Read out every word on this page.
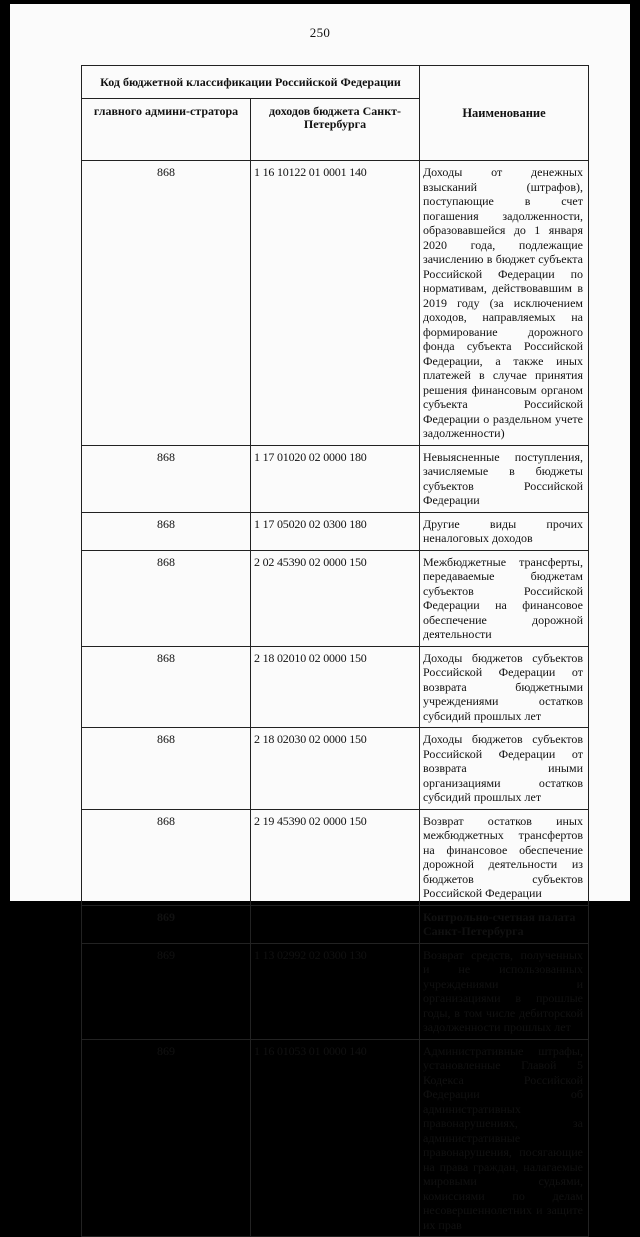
250
Код бюджетной классификации Российской Федерации		Наименование
главного админи-стратора	доходов бюджета Санкт-Петербурга	
868	1 16 10122 01 0001 140	Доходы от денежных взысканий (штрафов), поступающие в счет погашения задолженности, образовавшейся до 1 января 2020 года, подлежащие зачислению в бюджет субъекта Российской Федерации по нормативам, действовавшим в 2019 году (за исключением доходов, направляемых на формирование дорожного фонда субъекта Российской Федерации, а также иных платежей в случае принятия решения финансовым органом субъекта Российской Федерации о раздельном учете задолженности)
868	1 17 01020 02 0000 180	Невыясненные поступления, зачисляемые в бюджеты субъектов Российской Федерации
868	1 17 05020 02 0300 180	Другие виды прочих неналоговых доходов
868	2 02 45390 02 0000 150	Межбюджетные трансферты, передаваемые бюджетам субъектов Российской Федерации на финансовое обеспечение дорожной деятельности
868	2 18 02010 02 0000 150	Доходы бюджетов субъектов Российской Федерации от возврата бюджетными учреждениями остатков субсидий прошлых лет
868	2 18 02030 02 0000 150	Доходы бюджетов субъектов Российской Федерации от возврата иными организациями остатков субсидий прошлых лет
868	2 19 45390 02 0000 150	Возврат остатков иных межбюджетных трансфертов на финансовое обеспечение дорожной деятельности из бюджетов субъектов Российской Федерации
869		Контрольно-счетная палата Санкт-Петербурга
869	1 13 02992 02 0300 130	Возврат средств, полученных и не использованных учреждениями и организациями в прошлые годы, в том числе дебиторской задолженности прошлых лет
869	1 16 01053 01 0000 140	Административные штрафы, установленные Главой 5 Кодекса Российской Федерации об административных правонарушениях, за административные правонарушения, посягающие на права граждан, налагаемые мировыми судьями, комиссиями по делам несовершеннолетних и защите их прав
